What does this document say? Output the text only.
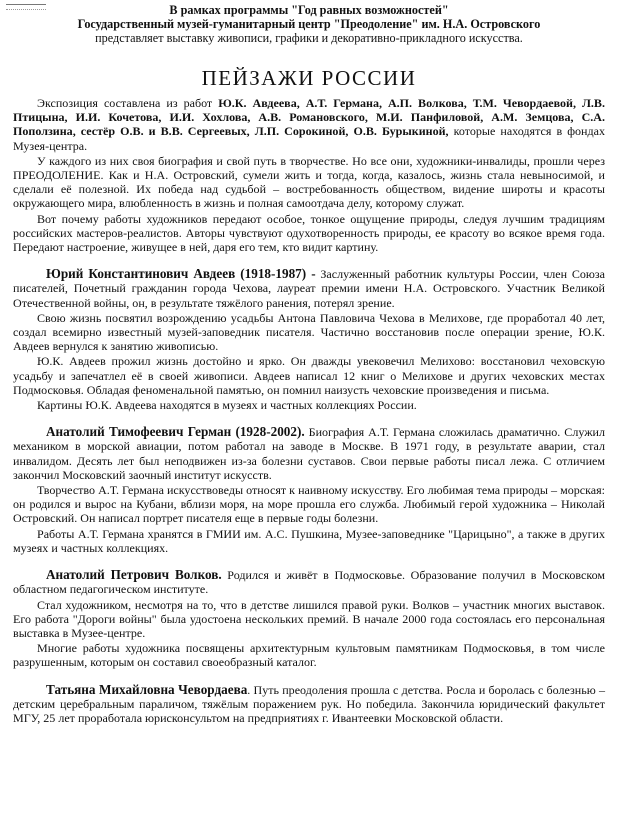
В рамках программы "Год равных возможностей"

Государственный музей-гуманитарный центр "Преодоление" им. Н.А. Островского

представляет выставку живописи, графики и декоративно-прикладного искусства.

ПЕЙЗАЖИ РОССИИ

Экспозиция составлена из работ Ю.К. Авдеева, А.Т. Германа, А.П. Волкова, Т.М. Чевордаевой, Л.В. Птицына, И.И. Кочетова, И.И. Хохлова, А.В. Романовского, М.И. Панфиловой, А.М. Земцова, С.А. Поползина, сестёр О.В. и В.В. Сергеевых, Л.П. Сорокиной, О.В. Бурыкиной, которые находятся в фондах Музея-центра.

У каждого из них своя биография и свой путь в творчестве. Но все они, художники-инвалиды, прошли через ПРЕОДОЛЕНИЕ. Как и Н.А. Островский, сумели жить и тогда, когда, казалось, жизнь стала невыносимой, и сделали её полезной. Их победа над судьбой – востребованность обществом, видение широты и красоты окружающего мира, влюбленность в жизнь и полная самоотдача делу, которому служат.

Вот почему работы художников передают особое, тонкое ощущение природы, следуя лучшим традициям российских мастеров-реалистов. Авторы чувствуют одухотворенность природы, ее красоту во всякое время года. Передают настроение, живущее в ней, даря его тем, кто видит картину.

Юрий Константинович Авдеев (1918-1987) - Заслуженный работник культуры России, член Союза писателей, Почетный гражданин города Чехова, лауреат премии имени Н.А. Островского. Участник Великой Отечественной войны, он, в результате тяжёлого ранения, потерял зрение.

Свою жизнь посвятил возрождению усадьбы Антона Павловича Чехова в Мелихове, где проработал 40 лет, создал всемирно известный музей-заповедник писателя. Частично восстановив после операции зрение, Ю.К. Авдеев вернулся к занятию живописью.

Ю.К. Авдеев прожил жизнь достойно и ярко. Он дважды увековечил Мелихово: восстановил чеховскую усадьбу и запечатлел её в своей живописи. Авдеев написал 12 книг о Мелихове и других чеховских местах Подмосковья. Обладая феноменальной памятью, он помнил наизусть чеховские произведения и письма.

Картины Ю.К. Авдеева находятся в музеях и частных коллекциях России.

Анатолий Тимофеевич Герман (1928-2002). Биография А.Т. Германа сложилась драматично. Служил механиком в морской авиации, потом работал на заводе в Москве. В 1971 году, в результате аварии, стал инвалидом. Десять лет был неподвижен из-за болезни суставов. Свои первые работы писал лежа. С отличием закончил Московский заочный институт искусств.

Творчество А.Т. Германа искусствоведы относят к наивному искусству. Его любимая тема природы – морская: он родился и вырос на Кубани, вблизи моря, на море прошла его служба. Любимый герой художника – Николай Островский. Он написал портрет писателя еще в первые годы болезни.

Работы А.Т. Германа хранятся в ГМИИ им. А.С. Пушкина, Музее-заповеднике "Царицыно", а также в других музеях и частных коллекциях.

Анатолий Петрович Волков. Родился и живёт в Подмосковье. Образование получил в Московском областном педагогическом институте.

Стал художником, несмотря на то, что в детстве лишился правой руки. Волков – участник многих выставок. Его работа "Дороги войны" была удостоена нескольких премий. В начале 2000 года состоялась его персональная выставка в Музее-центре.

Многие работы художника посвящены архитектурным культовым памятникам Подмосковья, в том числе разрушенным, которым он составил своеобразный каталог.

Татьяна Михайловна Чевордаева. Путь преодоления прошла с детства. Росла и боролась с болезнью – детским церебральным параличом, тяжёлым поражением рук. Но победила. Закончила юридический факультет МГУ, 25 лет проработала юрисконсультом на предприятиях г. Ивантеевки Московской области.
